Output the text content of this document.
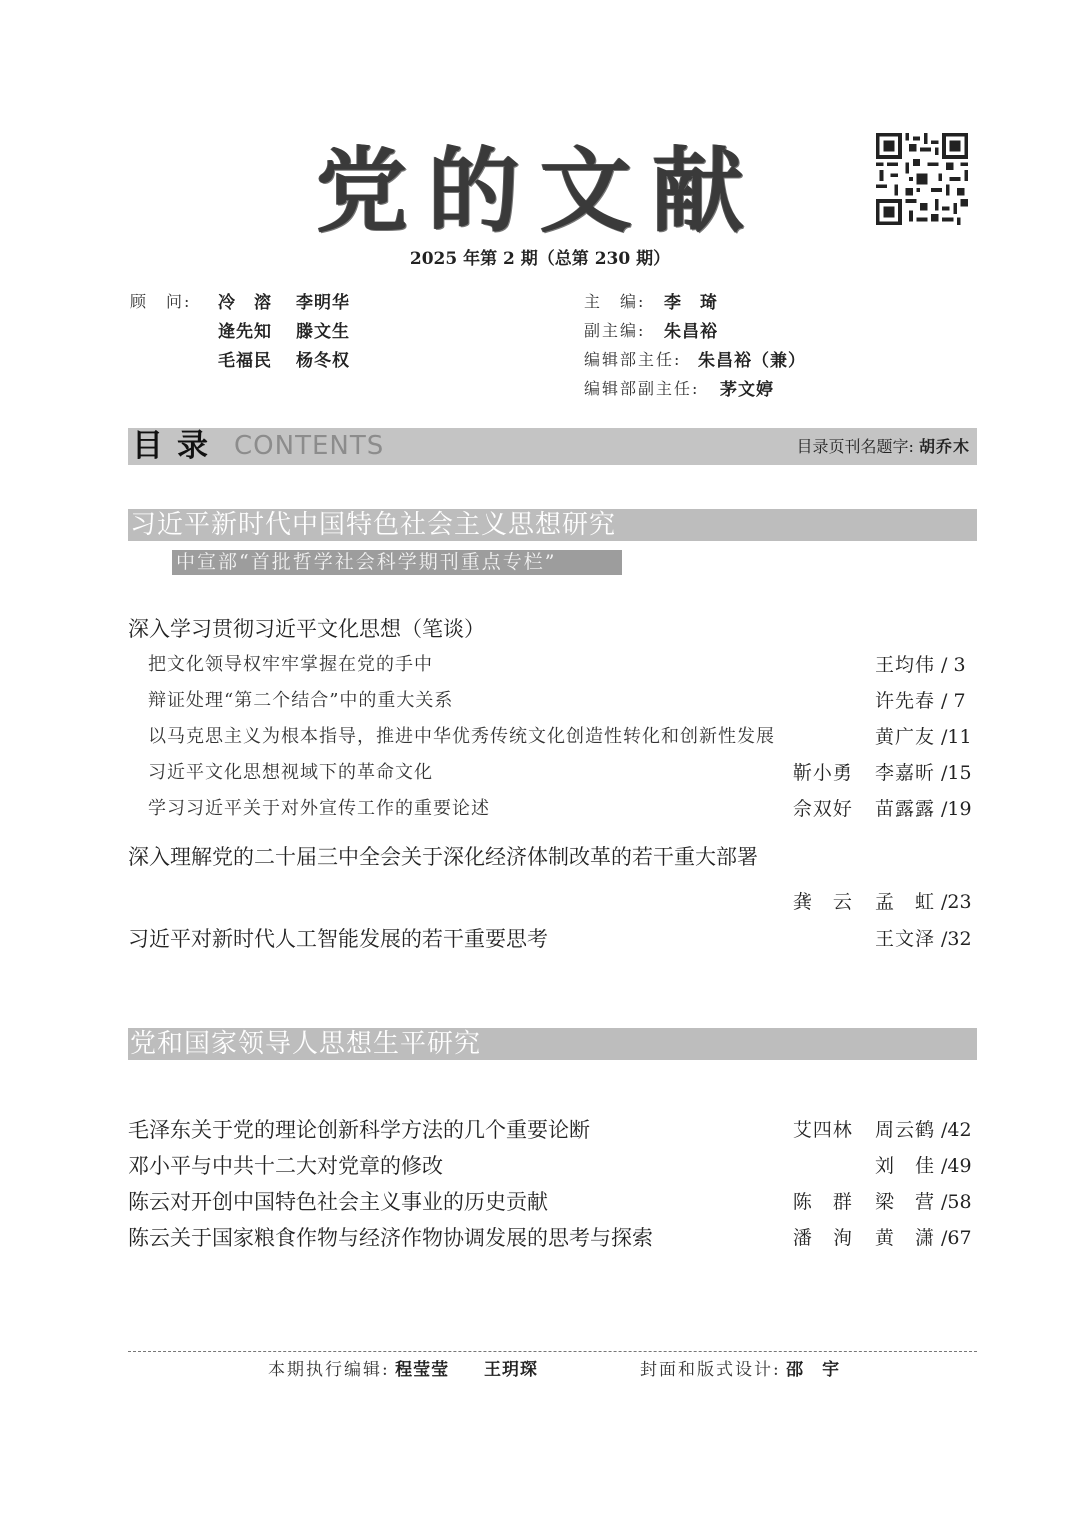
党的文献
2025 年第 2 期（总第 230 期）
顾　问: 冷　溶 李明华
逄先知 滕文生
毛福民 杨冬权
主　编: 李　琦
副主编: 朱昌裕
编辑部主任: 朱昌裕（兼）
编辑部副主任: 茅文婷
目录 CONTENTS	目录页刊名题字: 胡乔木
习近平新时代中国特色社会主义思想研究
中宣部“首批哲学社会科学期刊重点专栏”
深入学习贯彻习近平文化思想（笔谈）
把文化领导权牢牢掌握在党的手中	王均伟 / 3
辩证处理“第二个结合”中的重大关系	许先春 / 7
以马克思主义为根本指导，推进中华优秀传统文化创造性转化和创新性发展	黄广友 /11
习近平文化思想视域下的革命文化	靳小勇 李嘉昕 /15
学习习近平关于对外宣传工作的重要论述	佘双好 苗露露 /19
深入理解党的二十届三中全会关于深化经济体制改革的若干重大部署
龚　云 孟　虹 /23
习近平对新时代人工智能发展的若干重要思考	王文泽 /32
党和国家领导人思想生平研究
毛泽东关于党的理论创新科学方法的几个重要论断	艾四林 周云鹤 /42
邓小平与中共十二大对党章的修改	刘　佳 /49
陈云对开创中国特色社会主义事业的历史贡献	陈　群 梁　营 /58
陈云关于国家粮食作物与经济作物协调发展的思考与探索	潘　洵 黄　潇 /67
本期执行编辑: 程莹莹 王玥琛	封面和版式设计: 邵　宇
